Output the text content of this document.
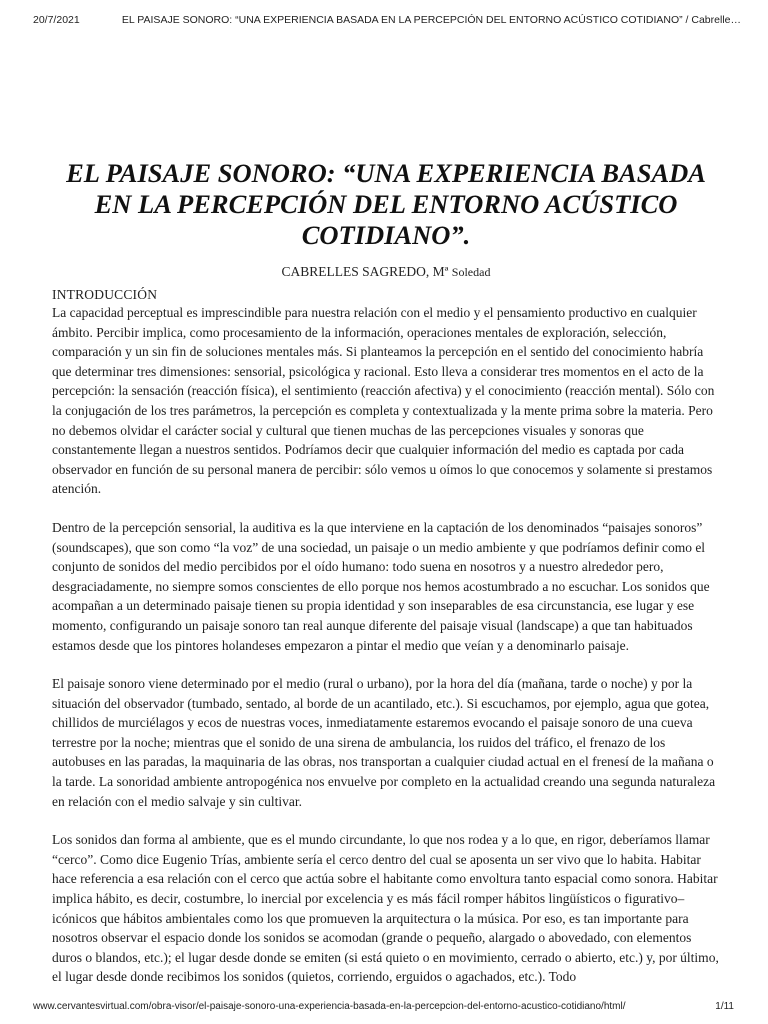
20/7/2021	EL PAISAJE SONORO: “UNA EXPERIENCIA BASADA EN LA PERCEPCIÓN DEL ENTORNO ACÚSTICO COTIDIANO” / Cabrelle…
EL PAISAJE SONORO: “UNA EXPERIENCIA BASADA EN LA PERCEPCIÓN DEL ENTORNO ACÚSTICO COTIDIANO”.
CABRELLES SAGREDO, Mª Soledad
INTRODUCCIÓN

La capacidad perceptual es imprescindible para nuestra relación con el medio y el pensamiento productivo en cualquier ámbito. Percibir implica, como procesamiento de la información, operaciones mentales de exploración, selección, comparación y un sin fin de soluciones mentales más. Si planteamos la percepción en el sentido del conocimiento habría que determinar tres dimensiones: sensorial, psicológica y racional. Esto lleva a considerar tres momentos en el acto de la percepción: la sensación (reacción física), el sentimiento (reacción afectiva) y el conocimiento (reacción mental). Sólo con la conjugación de los tres parámetros, la percepción es completa y contextualizada y la mente prima sobre la materia. Pero no debemos olvidar el carácter social y cultural que tienen muchas de las percepciones visuales y sonoras que constantemente llegan a nuestros sentidos. Podríamos decir que cualquier información del medio es captada por cada observador en función de su personal manera de percibir: sólo vemos u oímos lo que conocemos y solamente si prestamos atención.

Dentro de la percepción sensorial, la auditiva es la que interviene en la captación de los denominados “paisajes sonoros” (soundscapes), que son como “la voz” de una sociedad, un paisaje o un medio ambiente y que podríamos definir como el conjunto de sonidos del medio percibidos por el oído humano: todo suena en nosotros y a nuestro alrededor pero, desgraciadamente, no siempre somos conscientes de ello porque nos hemos acostumbrado a no escuchar. Los sonidos que acompañan a un determinado paisaje tienen su propia identidad y son inseparables de esa circunstancia, ese lugar y ese momento, configurando un paisaje sonoro tan real aunque diferente del paisaje visual (landscape) a que tan habituados estamos desde que los pintores holandeses empezaron a pintar el medio que veían y a denominarlo paisaje.

El paisaje sonoro viene determinado por el medio (rural o urbano), por la hora del día (mañana, tarde o noche) y por la situación del observador (tumbado, sentado, al borde de un acantilado, etc.). Si escuchamos, por ejemplo, agua que gotea, chillidos de murciélagos y ecos de nuestras voces, inmediatamente estaremos evocando el paisaje sonoro de una cueva terrestre por la noche; mientras que el sonido de una sirena de ambulancia, los ruidos del tráfico, el frenazo de los autobuses en las paradas, la maquinaria de las obras, nos transportan a cualquier ciudad actual en el frenesí de la mañana o la tarde. La sonoridad ambiente antropogénica nos envuelve por completo en la actualidad creando una segunda naturaleza en relación con el medio salvaje y sin cultivar.

Los sonidos dan forma al ambiente, que es el mundo circundante, lo que nos rodea y a lo que, en rigor, deberíamos llamar “cerco”. Como dice Eugenio Trías, ambiente sería el cerco dentro del cual se aposenta un ser vivo que lo habita. Habitar hace referencia a esa relación con el cerco que actúa sobre el habitante como envoltura tanto espacial como sonora. Habitar implica hábito, es decir, costumbre, lo inercial por excelencia y es más fácil romper hábitos lingüísticos o figurativo–icónicos que hábitos ambientales como los que promueven la arquitectura o la música. Por eso, es tan importante para nosotros observar el espacio donde los sonidos se acomodan (grande o pequeño, alargado o abovedado, con elementos duros o blandos, etc.); el lugar desde donde se emiten (si está quieto o en movimiento, cerrado o abierto, etc.) y, por último, el lugar desde donde recibimos los sonidos (quietos, corriendo, erguidos o agachados, etc.). Todo

www.cervantesvirtual.com/obra-visor/el-paisaje-sonoro-una-experiencia-basada-en-la-percepcion-del-entorno-acustico-cotidiano/html/	1/11
